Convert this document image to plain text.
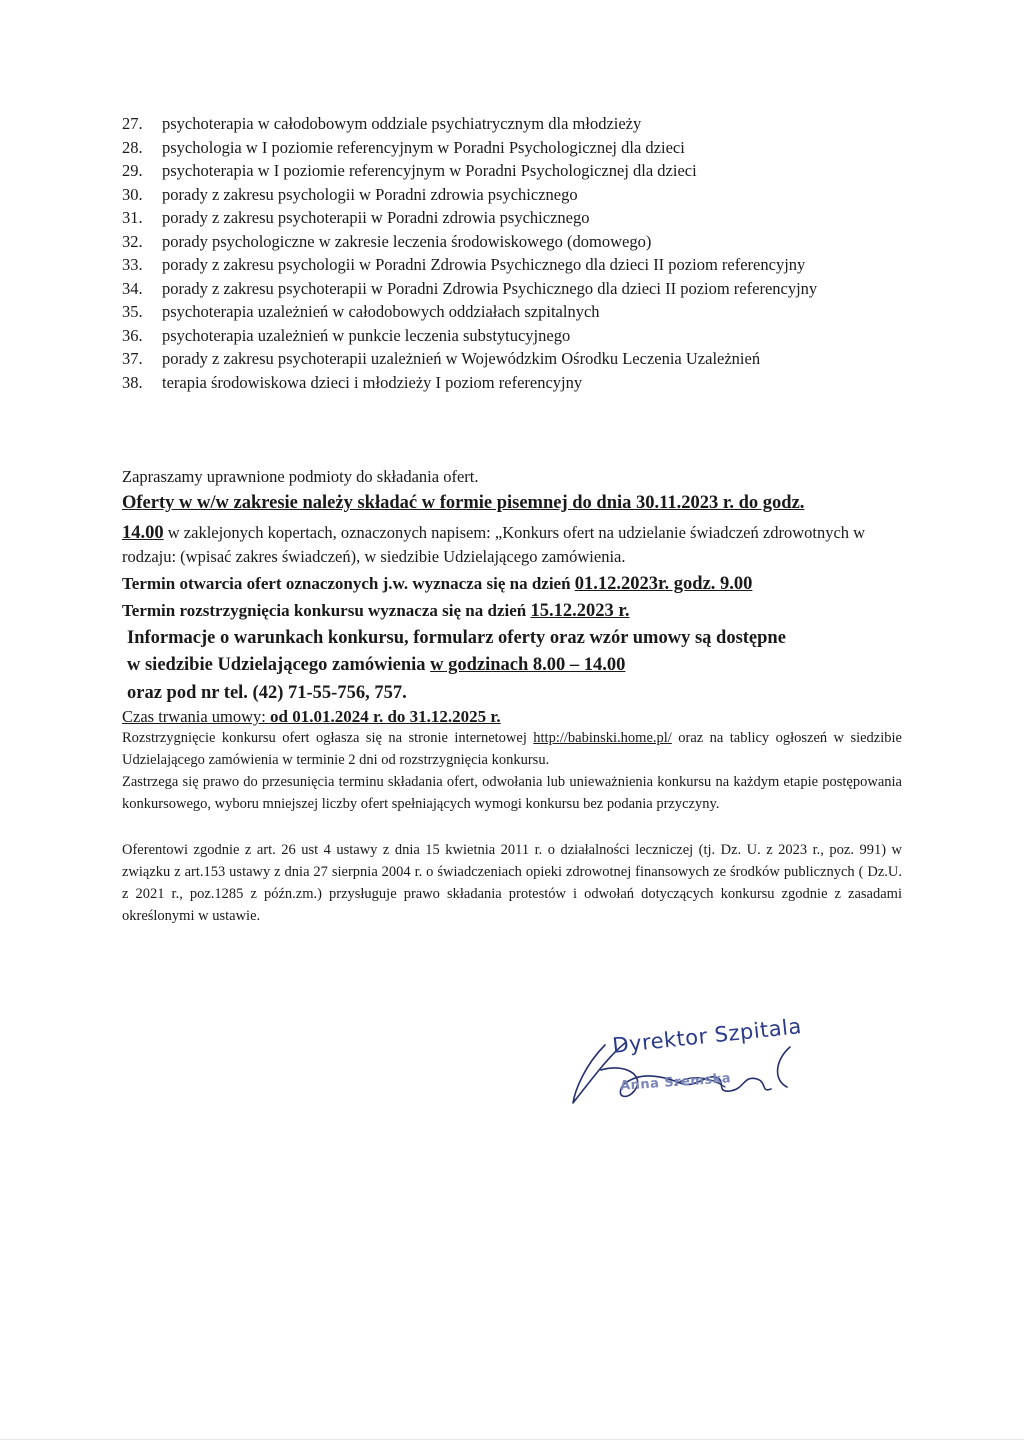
27.	psychoterapia w całodobowym oddziale psychiatrycznym dla młodzieży
28.	psychologia w I poziomie referencyjnym w Poradni Psychologicznej dla dzieci
29.	psychoterapia w I poziomie referencyjnym w Poradni Psychologicznej dla dzieci
30.	porady z zakresu psychologii w Poradni zdrowia psychicznego
31.	porady z zakresu psychoterapii w Poradni zdrowia psychicznego
32.	porady psychologiczne w zakresie leczenia środowiskowego (domowego)
33.	porady z zakresu psychologii w Poradni Zdrowia Psychicznego dla dzieci II poziom referencyjny
34.	porady z zakresu psychoterapii w Poradni Zdrowia Psychicznego dla dzieci II poziom referencyjny
35.	psychoterapia uzależnień w całodobowych oddziałach szpitalnych
36.	psychoterapia uzależnień w punkcie leczenia substytucyjnego
37.	porady z zakresu psychoterapii uzależnień w Wojewódzkim Ośrodku Leczenia Uzależnień
38.	terapia środowiskowa dzieci i młodzieży I poziom referencyjny
Zapraszamy uprawnione podmioty do składania ofert.
Oferty w w/w zakresie należy składać w formie pisemnej do dnia 30.11.2023 r. do godz.
14.00 w zaklejonych kopertach, oznaczonych napisem: „Konkurs ofert na udzielanie świadczeń zdrowotnych w rodzaju: (wpisać zakres świadczeń), w siedzibie Udzielającego zamówienia.
Termin otwarcia ofert oznaczonych j.w. wyznacza się na dzień 01.12.2023r. godz. 9.00
Termin rozstrzygnięcia konkursu wyznacza się na dzień 15.12.2023 r.
Informacje o warunkach konkursu, formularz oferty oraz wzór umowy są dostępne
w siedzibie Udzielającego zamówienia w godzinach 8.00 – 14.00
oraz pod nr tel. (42) 71-55-756, 757.
Czas trwania umowy: od 01.01.2024 r. do 31.12.2025 r.
Rozstrzygnięcie konkursu ofert ogłasza się na stronie internetowej http://babinski.home.pl/ oraz na tablicy ogłoszeń w siedzibie Udzielającego zamówienia w terminie 2 dni od rozstrzygnięcia konkursu.
Zastrzega się prawo do przesunięcia terminu składania ofert, odwołania lub unieważnienia konkursu na każdym etapie postępowania konkursowego, wyboru mniejszej liczby ofert spełniających wymogi konkursu bez podania przyczyny.
Oferentowi zgodnie z art. 26 ust 4 ustawy z dnia 15 kwietnia 2011 r. o działalności leczniczej (tj. Dz. U. z 2023 r., poz. 991) w związku z art.153 ustawy z dnia 27 sierpnia 2004 r. o świadczeniach opieki zdrowotnej finansowych ze środków publicznych ( Dz.U. z 2021 r., poz.1285 z późn.zm.) przysługuje prawo składania protestów i odwołań dotyczących konkursu zgodnie z zasadami określonymi w ustawie.
Dyrektor Szpitala
Anna Sremska
